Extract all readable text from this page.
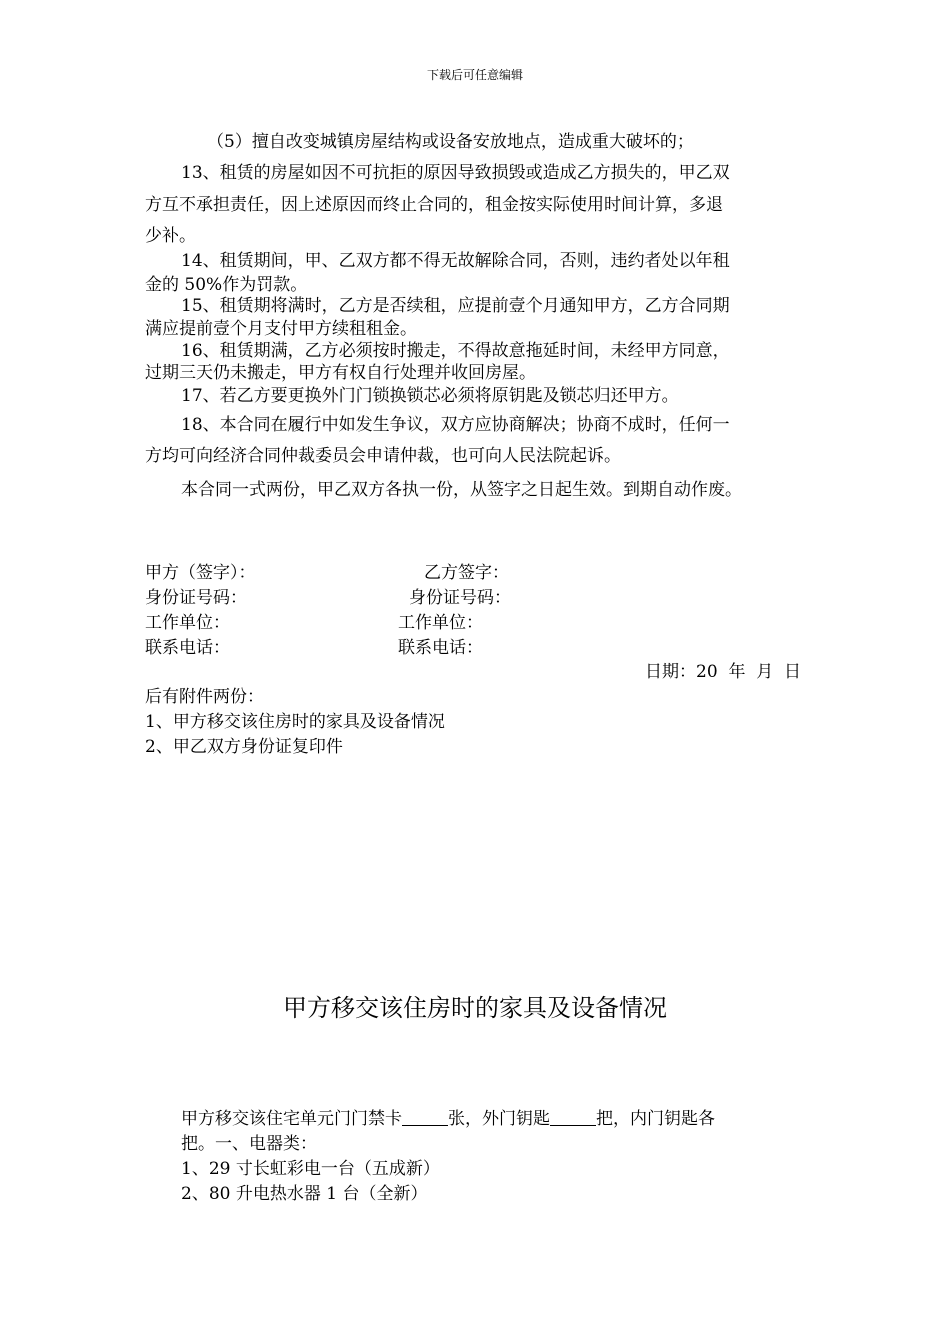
下载后可任意编辑
（5）擅自改变城镇房屋结构或设备安放地点，造成重大破坏的；
13、租赁的房屋如因不可抗拒的原因导致损毁或造成乙方损失的，甲乙双
方互不承担责任，因上述原因而终止合同的，租金按实际使用时间计算，多退
少补。
14、租赁期间，甲、乙双方都不得无故解除合同，否则，违约者处以年租
金的 50%作为罚款。
15、租赁期将满时，乙方是否续租，应提前壹个月通知甲方，乙方合同期
满应提前壹个月支付甲方续租租金。
16、租赁期满，乙方必须按时搬走，不得故意拖延时间，未经甲方同意，
过期三天仍未搬走，甲方有权自行处理并收回房屋。
17、若乙方要更换外门门锁换锁芯必须将原钥匙及锁芯归还甲方。
18、本合同在履行中如发生争议，双方应协商解决；协商不成时，任何一
方均可向经济合同仲裁委员会申请仲裁，也可向人民法院起诉。
本合同一式两份，甲乙双方各执一份，从签字之日起生效。到期自动作废。
甲方（签字）：	乙方签字：
身份证号码：	身份证号码：
工作单位：	工作单位：
联系电话：	联系电话：
日期：20  年  月  日
后有附件两份：
1、甲方移交该住房时的家具及设备情况
2、甲乙双方身份证复印件
甲方移交该住房时的家具及设备情况
甲方移交该住宅单元门门禁卡	张，外门钥匙	把，内门钥匙各
把。一、电器类：
1、29 寸长虹彩电一台（五成新）
2、80 升电热水器 1 台（全新）
